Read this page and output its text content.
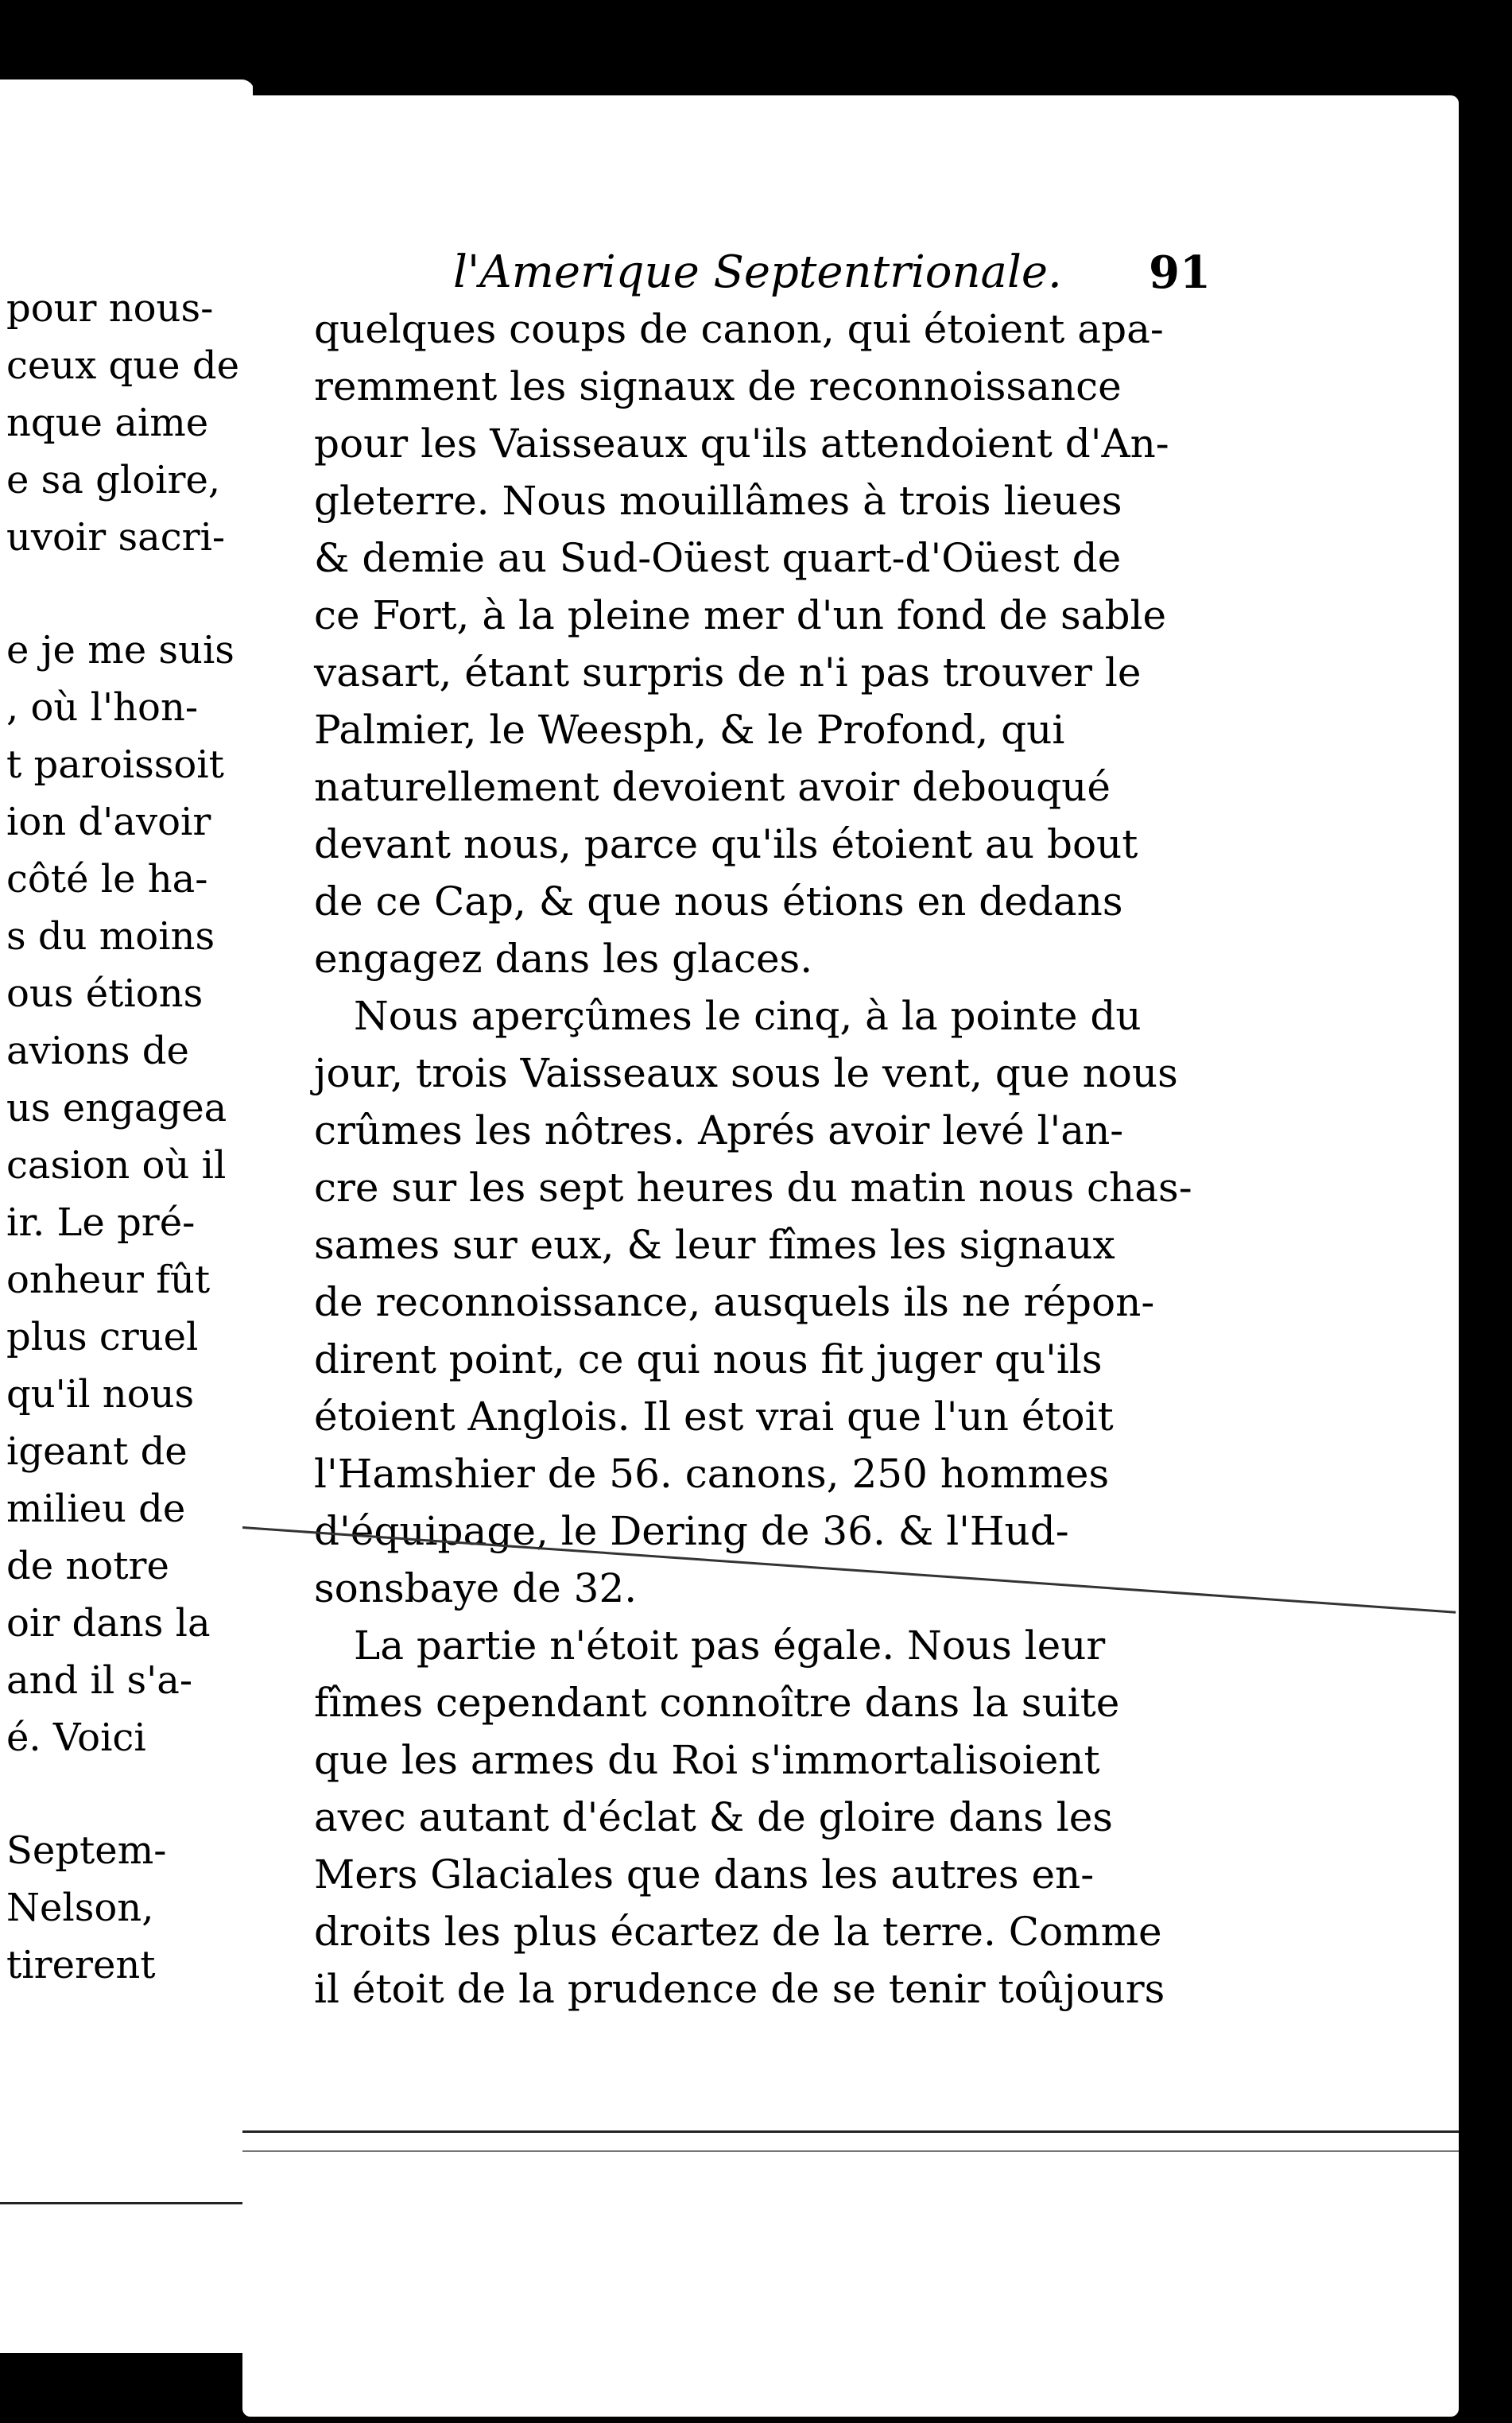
pour nous-
ceux que de
nque aime
e sa gloire,
uvoir sacri-
e je me suis
, où l'hon-
t paroissoit
ion d'avoir
côté le ha-
s du moins
ous étions
avions de
us engagea
casion où il
ir. Le pré-
onheur fût
plus cruel
qu'il nous
igeant de
milieu de
de notre
oir dans la
and il s'a-
é. Voici
Septem-
Nelson,
tirerent
l'Amerique Septentrionale. 91
quelques coups de canon, qui étoient apa-
remment les signaux de reconnoissance
pour les Vaisseaux qu'ils attendoient d'An-
gleterre. Nous mouillâmes à trois lieues
& demie au Sud-Oüest quart-d'Oüest de
ce Fort, à la pleine mer d'un fond de sable
vasart, étant surpris de n'i pas trouver le
Palmier, le Weesph, & le Profond, qui
naturellement devoient avoir debouqué
devant nous, parce qu'ils étoient au bout
de ce Cap, & que nous étions en dedans
engagez dans les glaces.
Nous aperçûmes le cinq, à la pointe du
jour, trois Vaisseaux sous le vent, que nous
crûmes les nôtres. Aprés avoir levé l'an-
cre sur les sept heures du matin nous chas-
sames sur eux, & leur fîmes les signaux
de reconnoissance, ausquels ils ne répon-
dirent point, ce qui nous fit juger qu'ils
étoient Anglois. Il est vrai que l'un étoit
l'Hamshier de 56. canons, 250 hommes
d'équipage, le Dering de 36. & l'Hud-
sonsbaye de 32.
La partie n'étoit pas égale. Nous leur
fîmes cependant connoître dans la suite
que les armes du Roi s'immortalisoient
avec autant d'éclat & de gloire dans les
Mers Glaciales que dans les autres en-
droits les plus écartez de la terre. Comme
il étoit de la prudence de se tenir toûjours
